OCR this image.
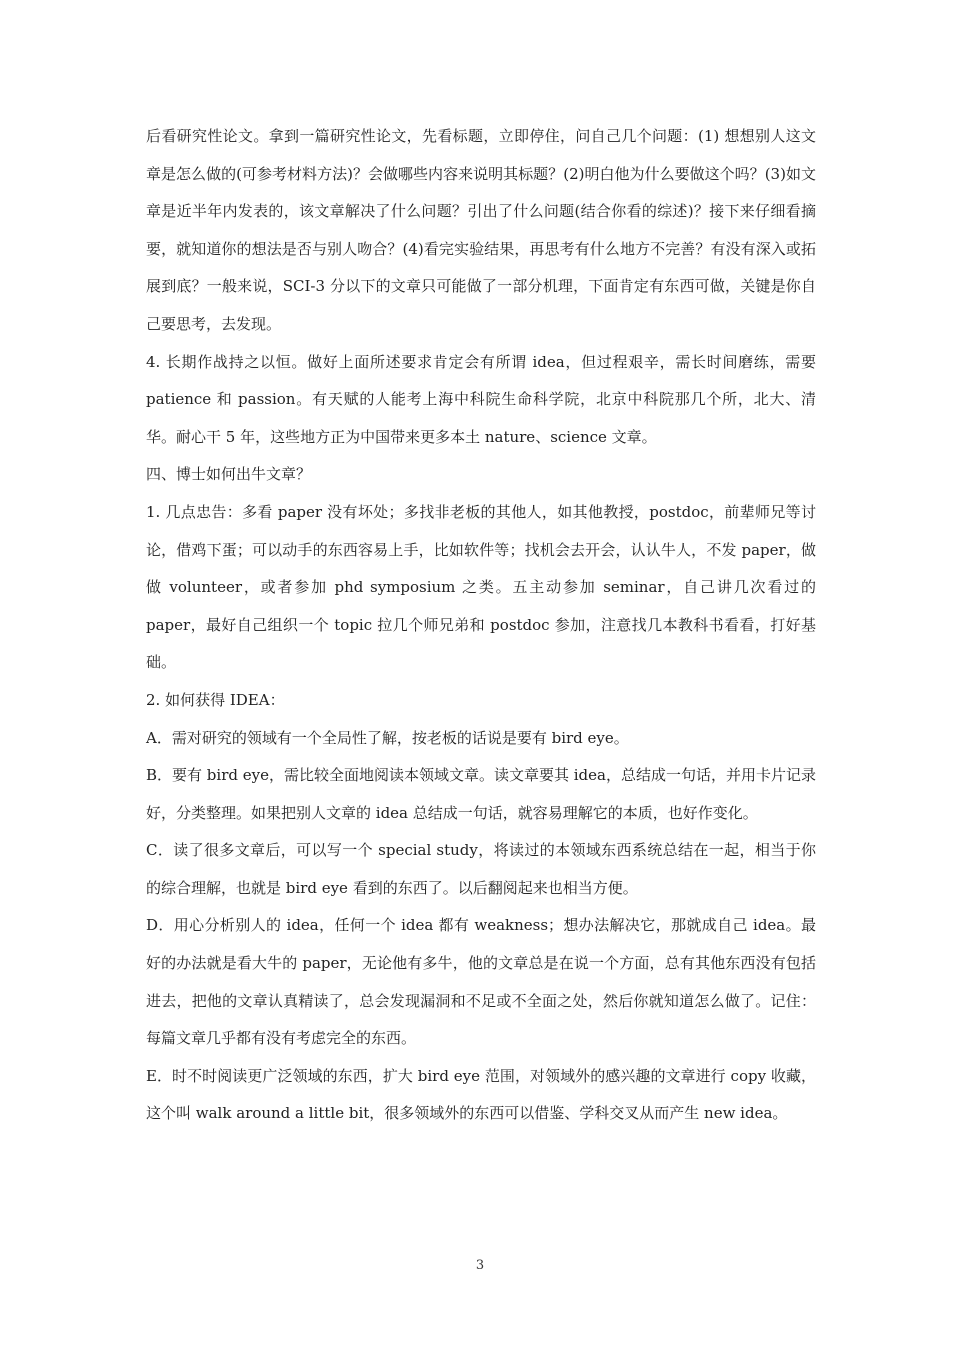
后看研究性论文。拿到一篇研究性论文，先看标题，立即停住，问自己几个问题：(1) 想想别人这文章是怎么做的(可参考材料方法)？会做哪些内容来说明其标题？(2)明白他为什么要做这个吗？(3)如文章是近半年内发表的，该文章解决了什么问题？引出了什么问题(结合你看的综述)？接下来仔细看摘要，就知道你的想法是否与别人吻合？(4)看完实验结果，再思考有什么地方不完善？有没有深入或拓展到底？一般来说，SCI-3 分以下的文章只可能做了一部分机理，下面肯定有东西可做，关键是你自己要思考，去发现。

4. 长期作战持之以恒。做好上面所述要求肯定会有所谓 idea，但过程艰辛，需长时间磨练，需要 patience 和 passion。有天赋的人能考上海中科院生命科学院，北京中科院那几个所，北大、清华。耐心干 5 年，这些地方正为中国带来更多本土 nature、science 文章。

四、博士如何出牛文章？

1. 几点忠告：多看 paper 没有坏处；多找非老板的其他人，如其他教授，postdoc，前辈师兄等讨论，借鸡下蛋；可以动手的东西容易上手，比如软件等；找机会去开会，认认牛人，不发 paper，做做 volunteer，或者参加 phd symposium 之类。五主动参加 seminar，自己讲几次看过的 paper，最好自己组织一个 topic 拉几个师兄弟和 postdoc 参加，注意找几本教科书看看，打好基础。

2. 如何获得 IDEA：

A．需对研究的领域有一个全局性了解，按老板的话说是要有 bird eye。

B．要有 bird eye，需比较全面地阅读本领域文章。读文章要其 idea，总结成一句话，并用卡片记录好，分类整理。如果把别人文章的 idea 总结成一句话，就容易理解它的本质，也好作变化。

C．读了很多文章后，可以写一个 special study，将读过的本领域东西系统总结在一起，相当于你的综合理解，也就是 bird eye 看到的东西了。以后翻阅起来也相当方便。

D．用心分析别人的 idea，任何一个 idea 都有 weakness；想办法解决它，那就成自己 idea。最好的办法就是看大牛的 paper，无论他有多牛，他的文章总是在说一个方面，总有其他东西没有包括进去，把他的文章认真精读了，总会发现漏洞和不足或不全面之处，然后你就知道怎么做了。记住：每篇文章几乎都有没有考虑完全的东西。

E．时不时阅读更广泛领域的东西，扩大 bird eye 范围，对领域外的感兴趣的文章进行 copy 收藏，这个叫 walk around a little bit，很多领域外的东西可以借鉴、学科交叉从而产生 new idea。

3
